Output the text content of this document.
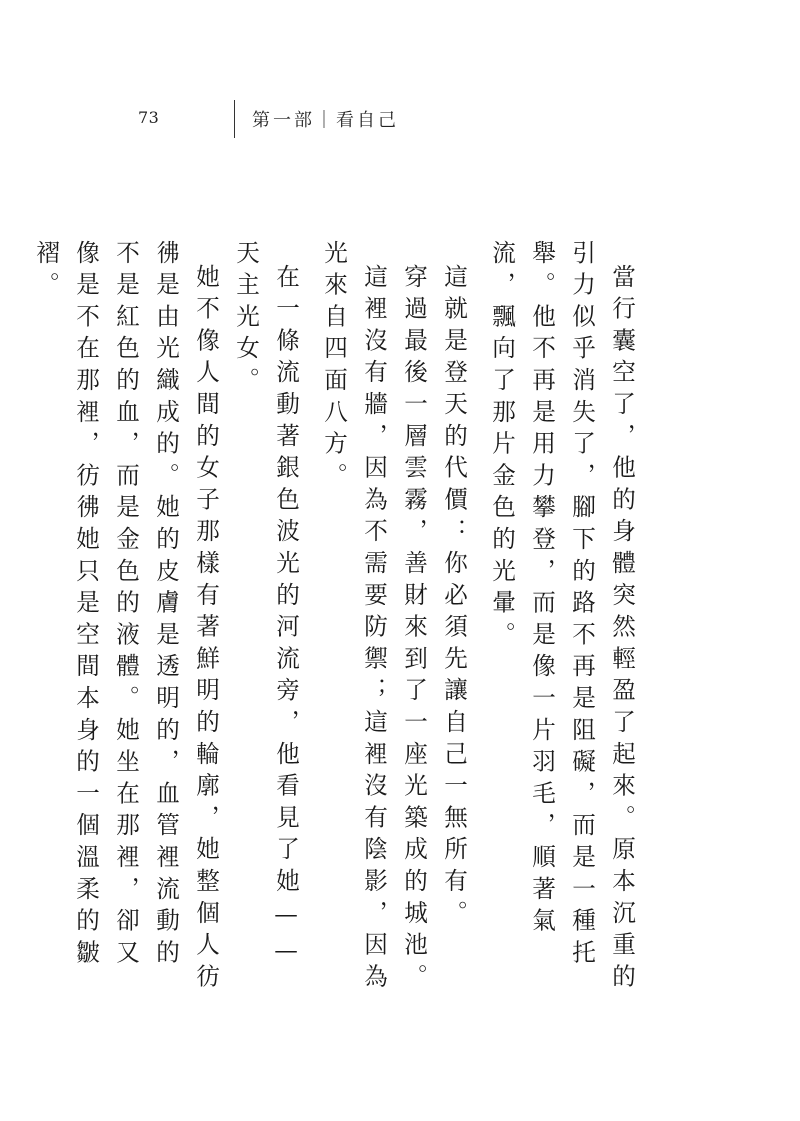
73	第一部｜看自己

當行囊空了，他的身體突然輕盈了起來。原本沉重的引力似乎消失了，腳下的路不再是阻礙，而是一種托舉。他不再是用力攀登，而是像一片羽毛，順著氣流，飄向了那片金色的光暈。

這就是登天的代價：你必須先讓自己一無所有。

穿過最後一層雲霧，善財來到了一座光築成的城池。

這裡沒有牆，因為不需要防禦；這裡沒有陰影，因為光來自四面八方。

在一條流動著銀色波光的河流旁，他看見了她——天主光女。

她不像人間的女子那樣有著鮮明的輪廓，她整個人彷彿是由光織成的。她的皮膚是透明的，血管裡流動的不是紅色的血，而是金色的液體。她坐在那裡，卻又像是不在那裡，彷彿她只是空間本身的一個溫柔的皺褶。
